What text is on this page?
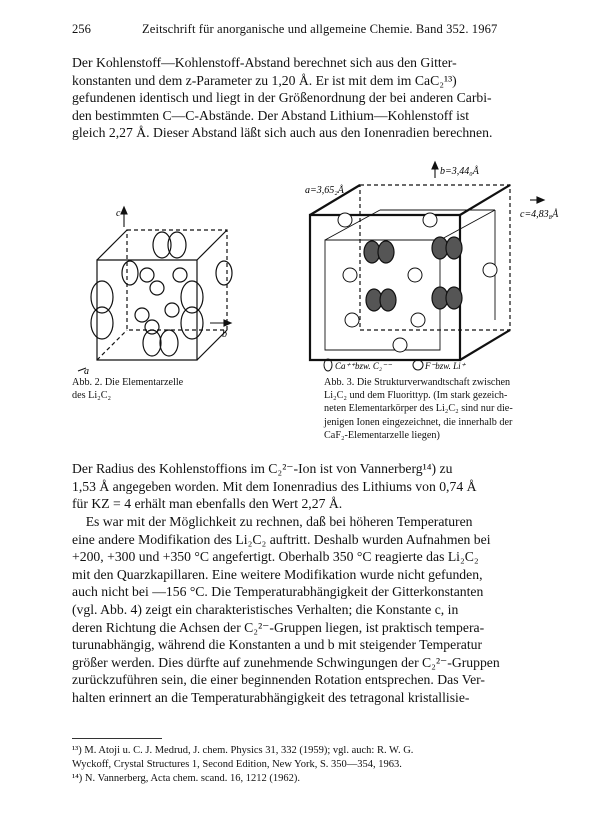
256	Zeitschrift für anorganische und allgemeine Chemie. Band 352. 1967
Der Kohlenstoff—Kohlenstoff-Abstand berechnet sich aus den Gitter-
konstanten und dem z-Parameter zu 1,20 Å. Er ist mit dem im CaC₂¹³)
gefundenen identisch und liegt in der Größenordnung der bei anderen Carbi-
den bestimmten C—C-Abstände. Der Abstand Lithium—Kohlenstoff ist
gleich 2,27 Å. Dieser Abstand läßt sich auch aus den Ionenradien berechnen.
c
b
a
b=3,44₀Å
a=3,65₂Å
c=4,83₈Å
Ca⁺⁺bzw. C₂⁻⁻	F⁻bzw. Li⁺
Abb. 2. Die Elementarzelle
des Li₂C₂
Abb. 3. Die Strukturverwandtschaft zwischen
Li₂C₂ und dem Fluorittyp. (Im stark gezeich-
neten Elementarkörper des Li₂C₂ sind nur die-
jenigen Ionen eingezeichnet, die innerhalb der
CaF₂-Elementarzelle liegen)
Der Radius des Kohlenstoffions im C₂²⁻-Ion ist von Vannerberg¹⁴) zu
1,53 Å angegeben worden. Mit dem Ionenradius des Lithiums von 0,74 Å
für KZ = 4 erhält man ebenfalls den Wert 2,27 Å.
Es war mit der Möglichkeit zu rechnen, daß bei höheren Temperaturen
eine andere Modifikation des Li₂C₂ auftritt. Deshalb wurden Aufnahmen bei
+200, +300 und +350 °C angefertigt. Oberhalb 350 °C reagierte das Li₂C₂
mit den Quarzkapillaren. Eine weitere Modifikation wurde nicht gefunden,
auch nicht bei —156 °C. Die Temperaturabhängigkeit der Gitterkonstanten
(vgl. Abb. 4) zeigt ein charakteristisches Verhalten; die Konstante c, in
deren Richtung die Achsen der C₂²⁻-Gruppen liegen, ist praktisch tempera-
turunabhängig, während die Konstanten a und b mit steigender Temperatur
größer werden. Dies dürfte auf zunehmende Schwingungen der C₂²⁻-Gruppen
zurückzuführen sein, die einer beginnenden Rotation entsprechen. Das Ver-
halten erinnert an die Temperaturabhängigkeit des tetragonal kristallisie-
¹³) M. Atoji u. C. J. Medrud, J. chem. Physics 31, 332 (1959); vgl. auch: R. W. G.
Wyckoff, Crystal Structures 1, Second Edition, New York, S. 350—354, 1963.
¹⁴) N. Vannerberg, Acta chem. scand. 16, 1212 (1962).
